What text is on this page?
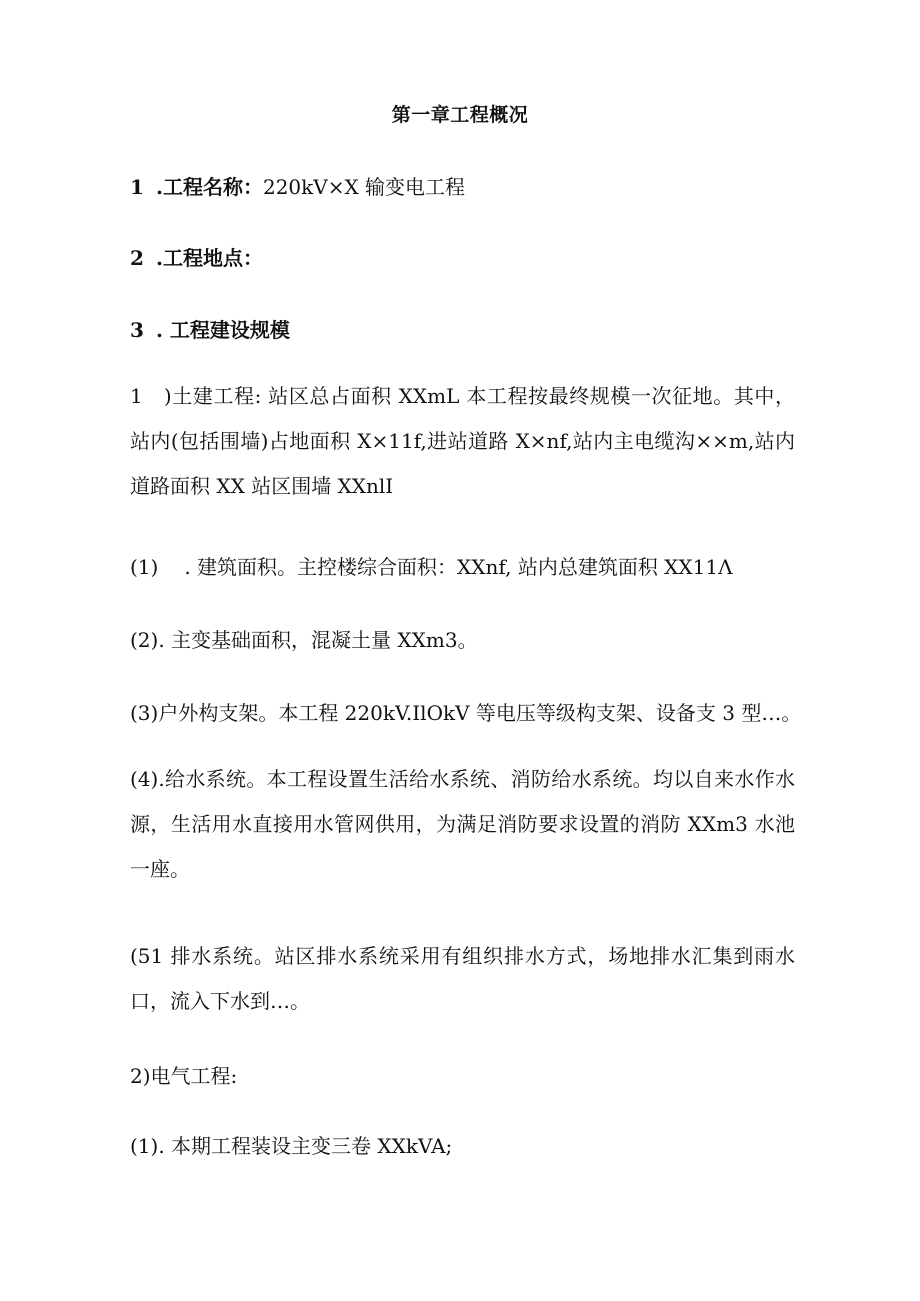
第一章工程概况
1 .工程名称：220kV×X 输变电工程
2 .工程地点：
3 . 工程建设规模
1　)土建工程: 站区总占面积 XXmL 本工程按最终规模一次征地。其中，站内(包括围墙)占地面积 X×11f,进站道路 X×nf,站内主电缆沟××m,站内道路面积 XX 站区围墙 XXnlI
(1) . 建筑面积。主控楼综合面积：XXnf, 站内总建筑面积 XX11Λ
(2). 主变基础面积，混凝土量 XXm3。
(3)户外构支架。本工程 220kV.IlOkV 等电压等级构支架、设备支 3 型…。
(4).给水系统。本工程设置生活给水系统、消防给水系统。均以自来水作水源，生活用水直接用水管网供用，为满足消防要求设置的消防 XXm3 水池一座。
(51 排水系统。站区排水系统采用有组织排水方式，场地排水汇集到雨水口，流入下水到…。
2)电气工程:
(1). 本期工程装设主变三卷 XXkVA;
